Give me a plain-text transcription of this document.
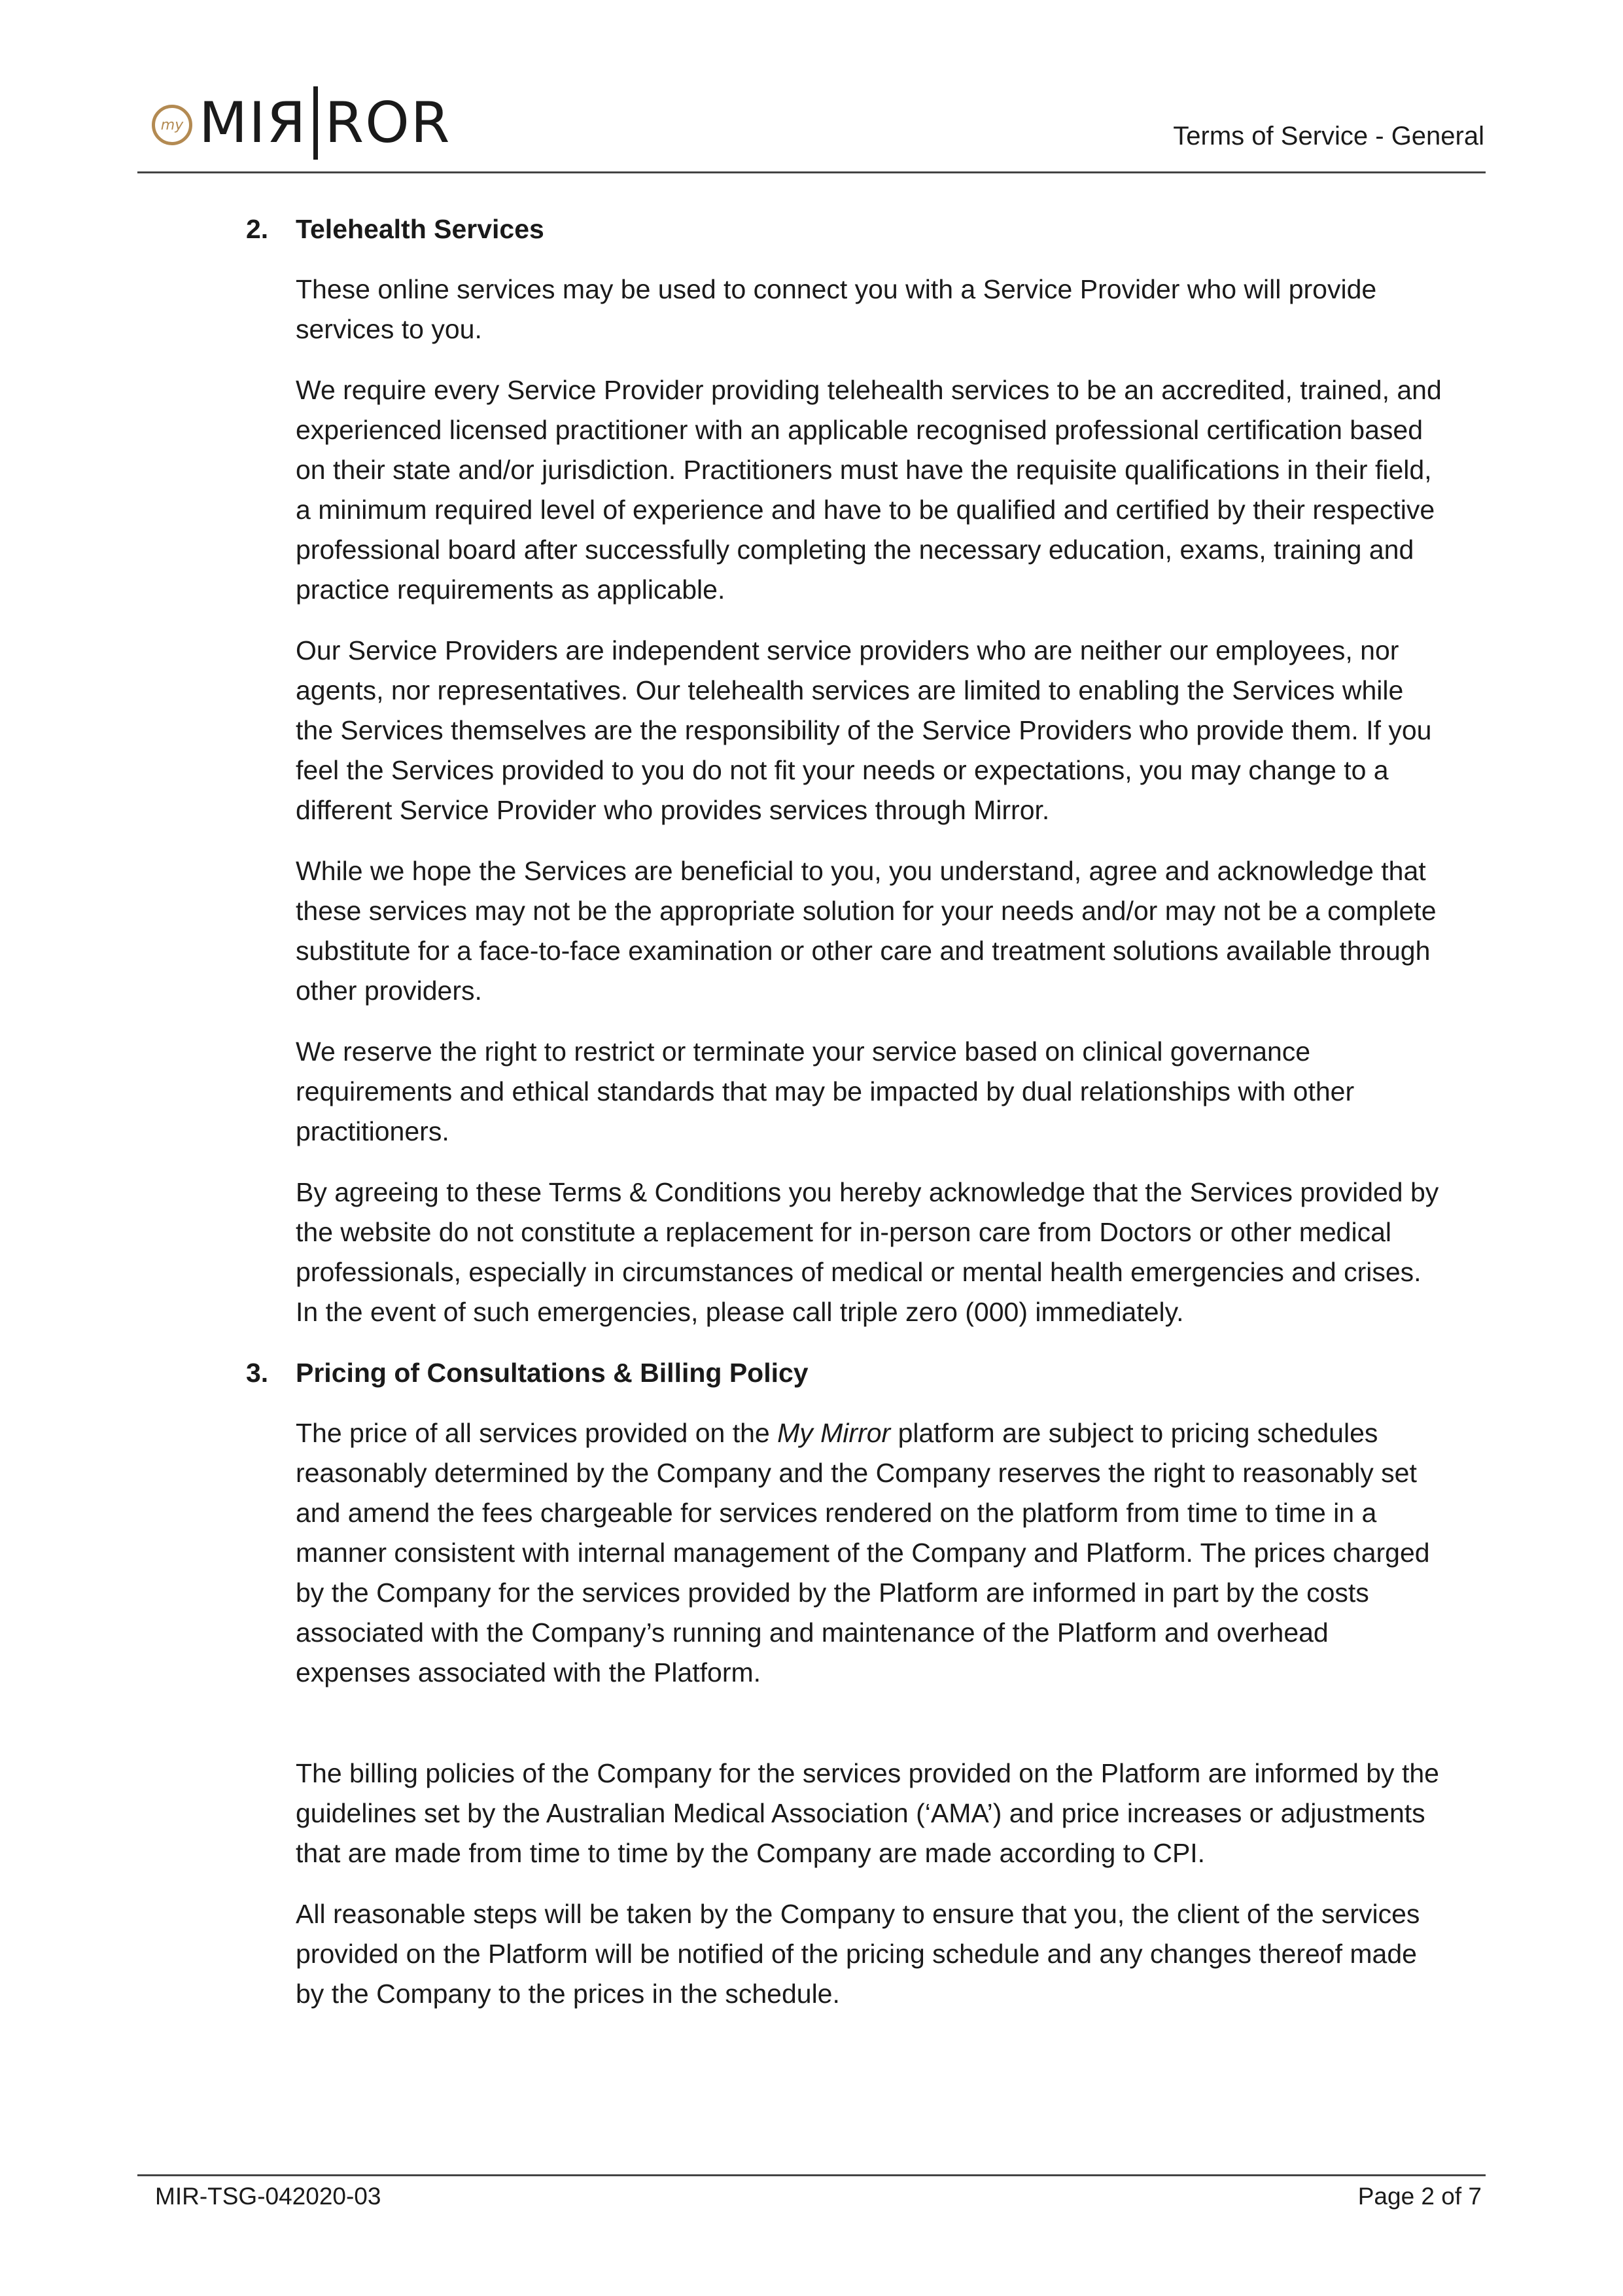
my MIЯ ROR	Terms of Service - General
2.	Telehealth Services

These online services may be used to connect you with a Service Provider who will provide services to you.

We require every Service Provider providing telehealth services to be an accredited, trained, and experienced licensed practitioner with an applicable recognised professional certification based on their state and/or jurisdiction. Practitioners must have the requisite qualifications in their field, a minimum required level of experience and have to be qualified and certified by their respective professional board after successfully completing the necessary education, exams, training and practice requirements as applicable.

Our Service Providers are independent service providers who are neither our employees, nor agents, nor representatives. Our telehealth services are limited to enabling the Services while the Services themselves are the responsibility of the Service Providers who provide them. If you feel the Services provided to you do not fit your needs or expectations, you may change to a different Service Provider who provides services through Mirror.

While we hope the Services are beneficial to you, you understand, agree and acknowledge that these services may not be the appropriate solution for your needs and/or may not be a complete substitute for a face-to-face examination or other care and treatment solutions available through other providers.

We reserve the right to restrict or terminate your service based on clinical governance requirements and ethical standards that may be impacted by dual relationships with other practitioners.

By agreeing to these Terms & Conditions you hereby acknowledge that the Services provided by the website do not constitute a replacement for in-person care from Doctors or other medical professionals, especially in circumstances of medical or mental health emergencies and crises. In the event of such emergencies, please call triple zero (000) immediately.

3.	Pricing of Consultations & Billing Policy

The price of all services provided on the My Mirror platform are subject to pricing schedules reasonably determined by the Company and the Company reserves the right to reasonably set and amend the fees chargeable for services rendered on the platform from time to time in a manner consistent with internal management of the Company and Platform. The prices charged by the Company for the services provided by the Platform are informed in part by the costs associated with the Company’s running and maintenance of the Platform and overhead expenses associated with the Platform.

The billing policies of the Company for the services provided on the Platform are informed by the guidelines set by the Australian Medical Association (‘AMA’) and price increases or adjustments that are made from time to time by the Company are made according to CPI.

All reasonable steps will be taken by the Company to ensure that you, the client of the services provided on the Platform will be notified of the pricing schedule and any changes thereof made by the Company to the prices in the schedule.

MIR-TSG-042020-03	Page 2 of 7
